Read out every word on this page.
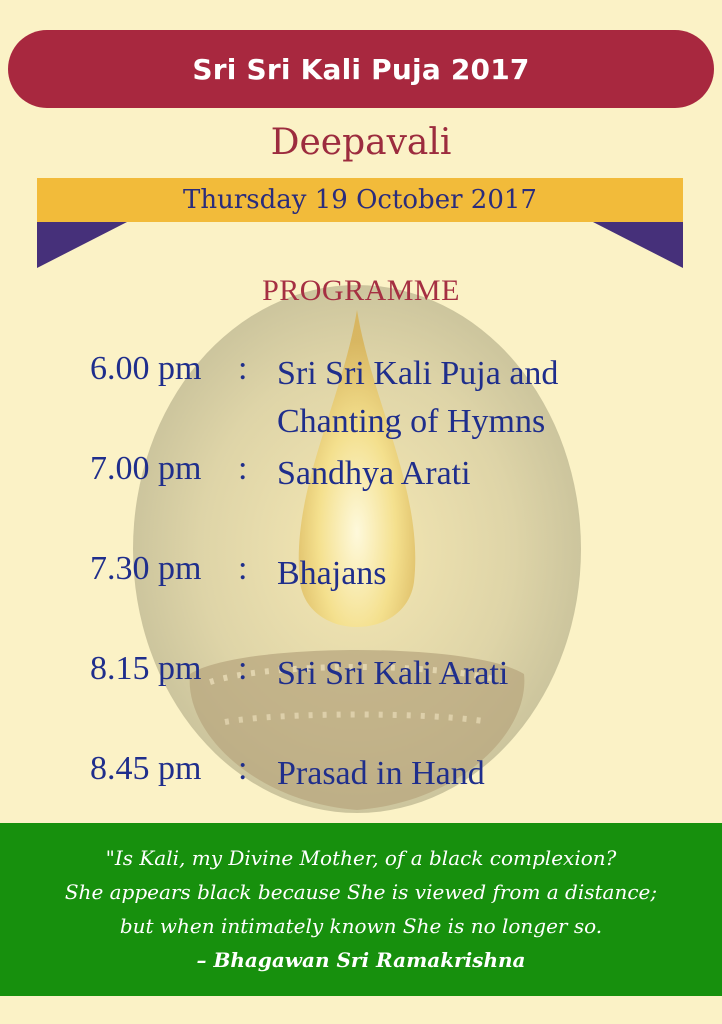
Sri Sri Kali Puja 2017
Deepavali
Thursday 19 October 2017
PROGRAMME
6.00 pm	: Sri Sri Kali Puja and Chanting of Hymns
7.00 pm	: Sandhya Arati
7.30 pm	: Bhajans
8.15 pm	: Sri Sri Kali Arati
8.45 pm	: Prasad in Hand
"Is Kali, my Divine Mother, of a black complexion?
She appears black because She is viewed from a distance;
but when intimately known She is no longer so.
– Bhagawan Sri Ramakrishna
